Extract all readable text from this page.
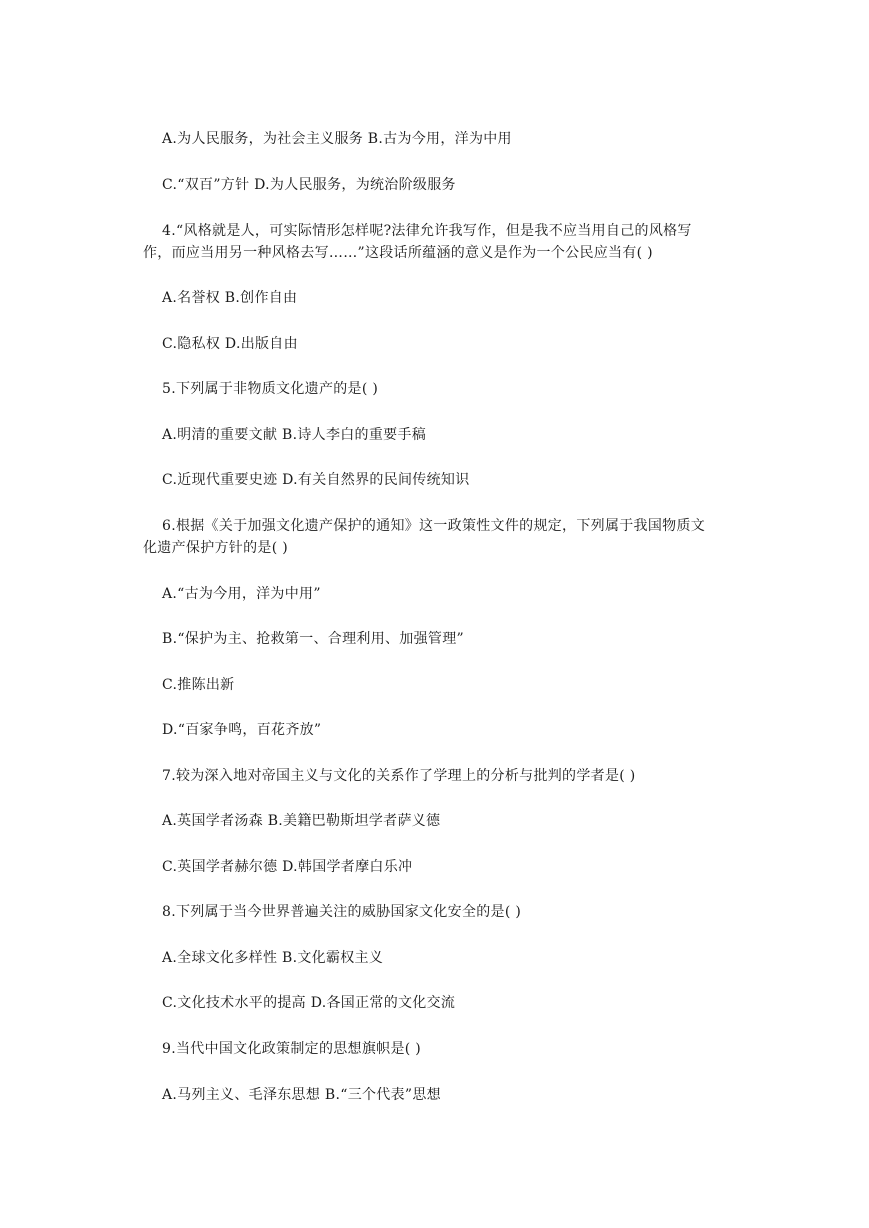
A.为人民服务，为社会主义服务 B.古为今用，洋为中用
C.“双百”方针 D.为人民服务，为统治阶级服务
4.“风格就是人，可实际情形怎样呢?法律允许我写作，但是我不应当用自己的风格写
作，而应当用另一种风格去写……”这段话所蕴涵的意义是作为一个公民应当有( )
A.名誉权 B.创作自由
C.隐私权 D.出版自由
5.下列属于非物质文化遗产的是( )
A.明清的重要文献 B.诗人李白的重要手稿
C.近现代重要史迹 D.有关自然界的民间传统知识
6.根据《关于加强文化遗产保护的通知》这一政策性文件的规定，下列属于我国物质文
化遗产保护方针的是( )
A.“古为今用，洋为中用”
B.“保护为主、抢救第一、合理利用、加强管理”
C.推陈出新
D.“百家争鸣，百花齐放”
7.较为深入地对帝国主义与文化的关系作了学理上的分析与批判的学者是( )
A.英国学者汤森 B.美籍巴勒斯坦学者萨义德
C.英国学者赫尔德 D.韩国学者摩白乐冲
8.下列属于当今世界普遍关注的威胁国家文化安全的是( )
A.全球文化多样性 B.文化霸权主义
C.文化技术水平的提高 D.各国正常的文化交流
9.当代中国文化政策制定的思想旗帜是( )
A.马列主义、毛泽东思想 B.“三个代表”思想
